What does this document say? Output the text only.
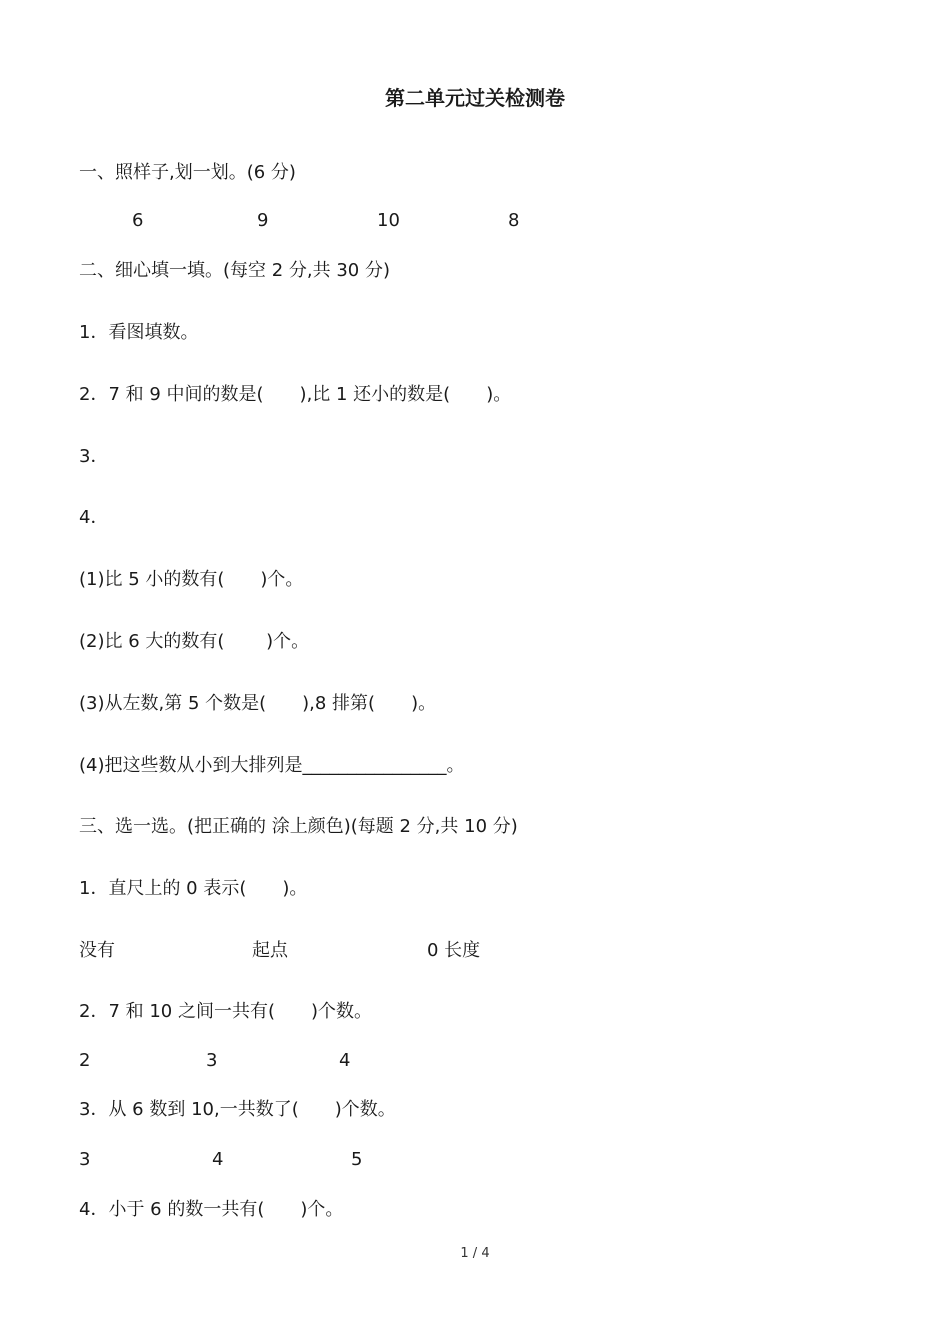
第二单元过关检测卷
一、照样子,划一划。(6 分)
6	9	10	8
二、细心填一填。(每空 2 分,共 30 分)
1．看图填数。
2．7 和 9 中间的数是(　　),比 1 还小的数是(　　)。
3．
4．
(1)比 5 小的数有(　　)个。
(2)比 6 大的数有(　　 )个。
(3)从左数,第 5 个数是(　　),8 排第(　　)。
(4)把这些数从小到大排列是________________。
三、选一选。(把正确的 涂上颜色)(每题 2 分,共 10 分)
1．直尺上的 0 表示(　　)。
没有	起点	0 长度
2．7 和 10 之间一共有(　　)个数。
2	3	4
3．从 6 数到 10,一共数了(　　)个数。
3	4	5
4．小于 6 的数一共有(　　)个。
1 / 4
